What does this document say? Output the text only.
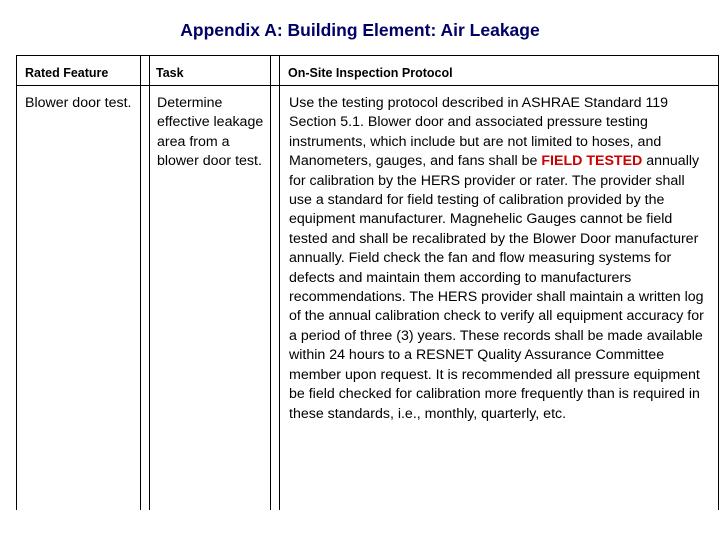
Appendix A: Building Element: Air Leakage
Rated Feature	Task	On-Site Inspection Protocol
Blower door test. Determine effective leakage area from a blower door test.
Use the testing protocol described in ASHRAE Standard 119 Section 5.1. Blower door and associated pressure testing instruments, which include but are not limited to hoses, and Manometers, gauges, and fans shall be FIELD TESTED annually for calibration by the HERS provider or rater. The provider shall use a standard for field testing of calibration provided by the equipment manufacturer. Magnehelic Gauges cannot be field tested and shall be recalibrated by the Blower Door manufacturer annually. Field check the fan and flow measuring systems for defects and maintain them according to manufacturers recommendations. The HERS provider shall maintain a written log of the annual calibration check to verify all equipment accuracy for a period of three (3) years. These records shall be made available within 24 hours to a RESNET Quality Assurance Committee member upon request. It is recommended all pressure equipment be field checked for calibration more frequently than is required in these standards, i.e., monthly, quarterly, etc.
